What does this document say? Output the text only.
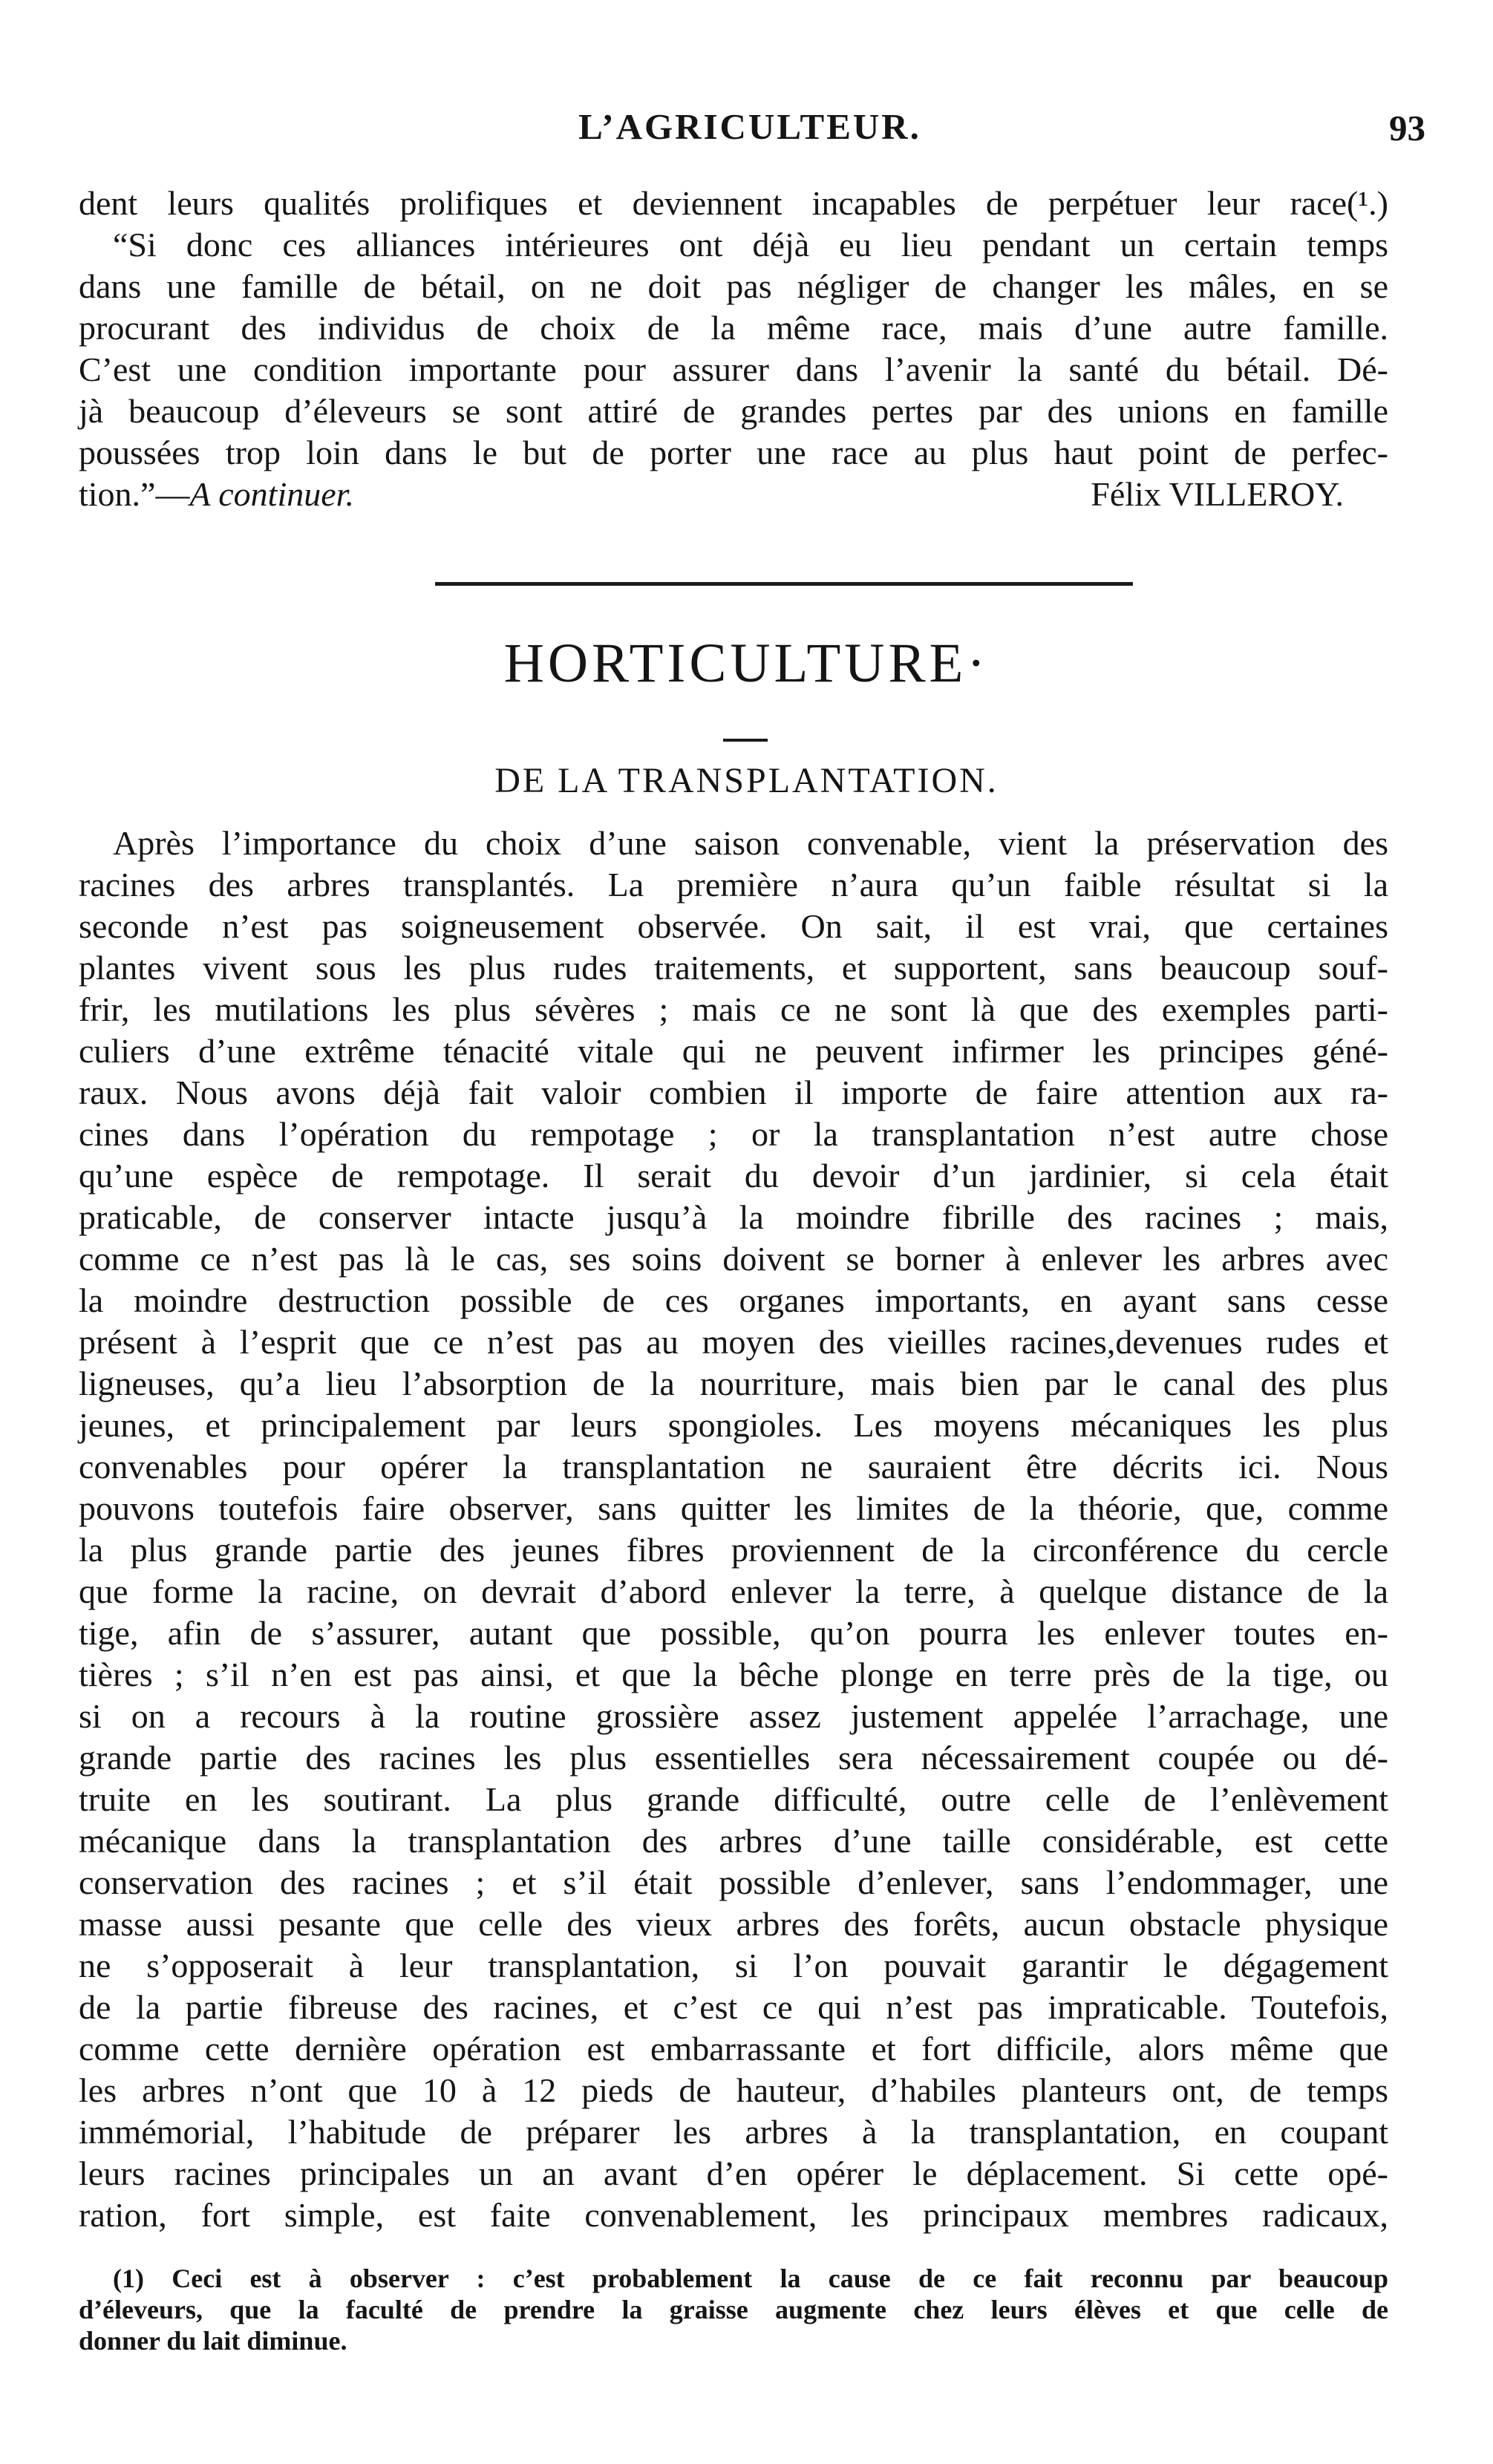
L’AGRICULTEUR.	93
dent leurs qualités prolifiques et deviennent incapables de perpétuer leur race(¹.)
“Si donc ces alliances intérieures ont déjà eu lieu pendant un certain temps
dans une famille de bétail, on ne doit pas négliger de changer les mâles, en se
procurant des individus de choix de la même race, mais d’une autre famille.
C’est une condition importante pour assurer dans l’avenir la santé du bétail. Dé-
jà beaucoup d’éleveurs se sont attiré de grandes pertes par des unions en famille
poussées trop loin dans le but de porter une race au plus haut point de perfec-
tion.”—A continuer.	Félix VILLEROY.
HORTICULTURE·
DE LA TRANSPLANTATION.
Après l’importance du choix d’une saison convenable, vient la préservation des
racines des arbres transplantés. La première n’aura qu’un faible résultat si la
seconde n’est pas soigneusement observée. On sait, il est vrai, que certaines
plantes vivent sous les plus rudes traitements, et supportent, sans beaucoup souf-
frir, les mutilations les plus sévères ; mais ce ne sont là que des exemples parti-
culiers d’une extrême ténacité vitale qui ne peuvent infirmer les principes géné-
raux. Nous avons déjà fait valoir combien il importe de faire attention aux ra-
cines dans l’opération du rempotage ; or la transplantation n’est autre chose
qu’une espèce de rempotage. Il serait du devoir d’un jardinier, si cela était
praticable, de conserver intacte jusqu’à la moindre fibrille des racines ; mais,
comme ce n’est pas là le cas, ses soins doivent se borner à enlever les arbres avec
la moindre destruction possible de ces organes importants, en ayant sans cesse
présent à l’esprit que ce n’est pas au moyen des vieilles racines,devenues rudes et
ligneuses, qu’a lieu l’absorption de la nourriture, mais bien par le canal des plus
jeunes, et principalement par leurs spongioles. Les moyens mécaniques les plus
convenables pour opérer la transplantation ne sauraient être décrits ici. Nous
pouvons toutefois faire observer, sans quitter les limites de la théorie, que, comme
la plus grande partie des jeunes fibres proviennent de la circonférence du cercle
que forme la racine, on devrait d’abord enlever la terre, à quelque distance de la
tige, afin de s’assurer, autant que possible, qu’on pourra les enlever toutes en-
tières ; s’il n’en est pas ainsi, et que la bêche plonge en terre près de la tige, ou
si on a recours à la routine grossière assez justement appelée l’arrachage, une
grande partie des racines les plus essentielles sera nécessairement coupée ou dé-
truite en les soutirant. La plus grande difficulté, outre celle de l’enlèvement
mécanique dans la transplantation des arbres d’une taille considérable, est cette
conservation des racines ; et s’il était possible d’enlever, sans l’endommager, une
masse aussi pesante que celle des vieux arbres des forêts, aucun obstacle physique
ne s’opposerait à leur transplantation, si l’on pouvait garantir le dégagement
de la partie fibreuse des racines, et c’est ce qui n’est pas impraticable. Toutefois,
comme cette dernière opération est embarrassante et fort difficile, alors même que
les arbres n’ont que 10 à 12 pieds de hauteur, d’habiles planteurs ont, de temps
immémorial, l’habitude de préparer les arbres à la transplantation, en coupant
leurs racines principales un an avant d’en opérer le déplacement. Si cette opé-
ration, fort simple, est faite convenablement, les principaux membres radicaux,
(1) Ceci est à observer : c’est probablement la cause de ce fait reconnu par beaucoup
d’éleveurs, que la faculté de prendre la graisse augmente chez leurs élèves et que celle de
donner du lait diminue.
